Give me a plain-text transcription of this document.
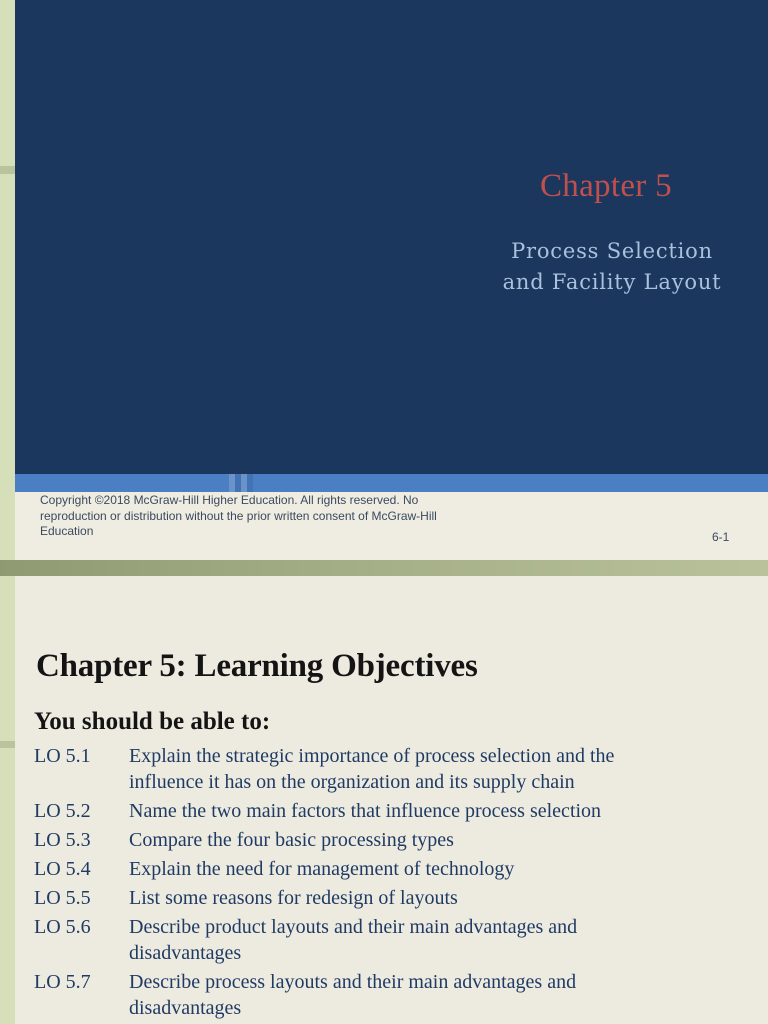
Chapter 5
Process Selection
and Facility Layout
Copyright ©2018 McGraw-Hill Higher Education. All rights reserved. No
reproduction or distribution without the prior written consent of McGraw-Hill
Education	6-1
Chapter 5: Learning Objectives
You should be able to:
LO 5.1	Explain the strategic importance of process selection and the
influence it has on the organization and its supply chain
LO 5.2	Name the two main factors that influence process selection
LO 5.3	Compare the four basic processing types
LO 5.4	Explain the need for management of technology
LO 5.5	List some reasons for redesign of layouts
LO 5.6	Describe product layouts and their main advantages and
disadvantages
LO 5.7	Describe process layouts and their main advantages and
disadvantages
